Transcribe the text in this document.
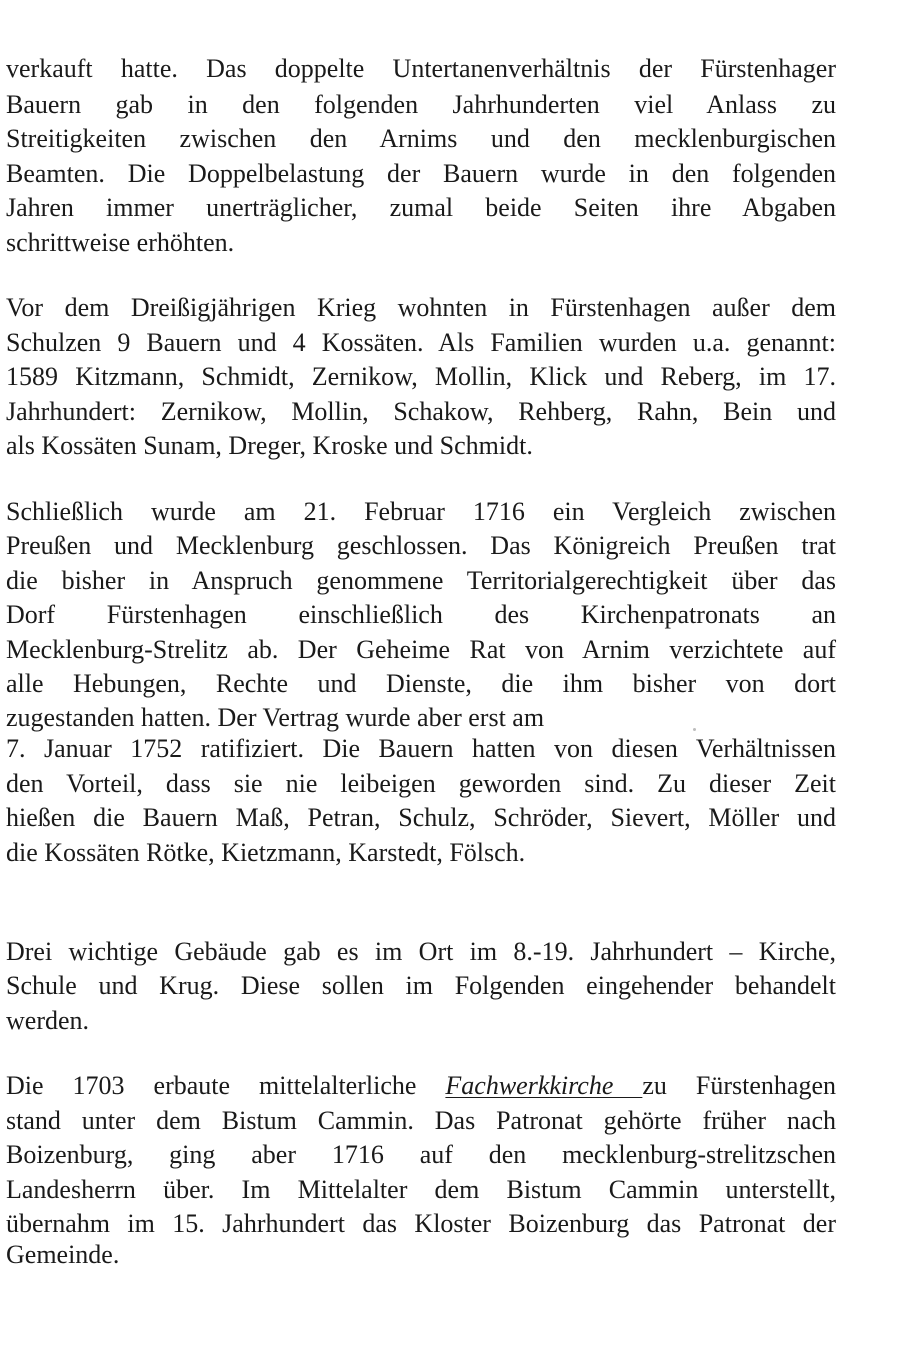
verkauft hatte. Das doppelte Untertanenverhältnis der Fürstenhager

Bauern gab in den folgenden Jahrhunderten viel Anlass zu

Streitigkeiten zwischen den Arnims und den mecklenburgischen

Beamten. Die Doppelbelastung der Bauern wurde in den folgenden

Jahren immer unerträglicher, zumal beide Seiten ihre Abgaben

schrittweise erhöhten.

Vor dem Dreißigjährigen Krieg wohnten in Fürstenhagen außer dem

Schulzen 9 Bauern und 4 Kossäten. Als Familien wurden u.a. genannt:

1589 Kitzmann, Schmidt, Zernikow, Mollin, Klick und Reberg, im 17.

Jahrhundert: Zernikow, Mollin, Schakow, Rehberg, Rahn, Bein und

als Kossäten Sunam, Dreger, Kroske und Schmidt.

Schließlich wurde am 21. Februar 1716 ein Vergleich zwischen

Preußen und Mecklenburg geschlossen. Das Königreich Preußen trat

die bisher in Anspruch genommene Territorialgerechtigkeit über das

Dorf Fürstenhagen einschließlich des Kirchenpatronats an

Mecklenburg-Strelitz ab. Der Geheime Rat von Arnim verzichtete auf

alle Hebungen, Rechte und Dienste, die ihm bisher von dort

zugestanden hatten. Der Vertrag wurde aber erst am

7. Januar 1752 ratifiziert. Die Bauern hatten von diesen Verhältnissen

den Vorteil, dass sie nie leibeigen geworden sind. Zu dieser Zeit

hießen die Bauern Maß, Petran, Schulz, Schröder, Sievert, Möller und

die Kossäten Rötke, Kietzmann, Karstedt, Fölsch.

Drei wichtige Gebäude gab es im Ort im 8.-19. Jahrhundert – Kirche,

Schule und Krug. Diese sollen im Folgenden eingehender behandelt

werden.

Die 1703 erbaute mittelalterliche Fachwerkkirche zu Fürstenhagen

stand unter dem Bistum Cammin. Das Patronat gehörte früher nach

Boizenburg, ging aber 1716 auf den mecklenburg-strelitzschen

Landesherrn über. Im Mittelalter dem Bistum Cammin unterstellt,

übernahm im 15. Jahrhundert das Kloster Boizenburg das Patronat der

Gemeinde.
